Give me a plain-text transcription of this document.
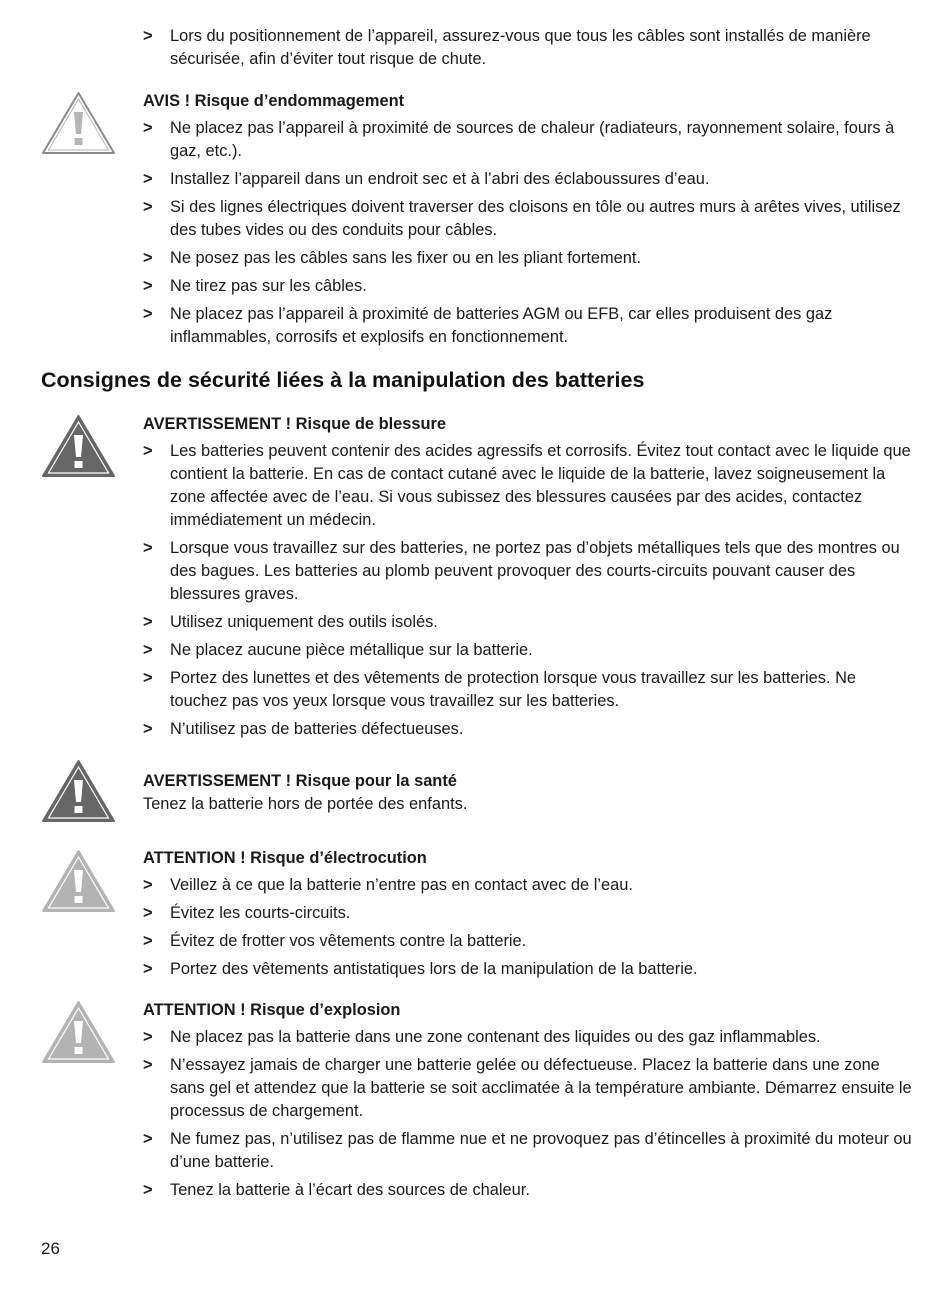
> Lors du positionnement de l’appareil, assurez-vous que tous les câbles sont installés de manière sécurisée, afin d’éviter tout risque de chute.
AVIS ! Risque d’endommagement
> Ne placez pas l’appareil à proximité de sources de chaleur (radiateurs, rayonnement solaire, fours à gaz, etc.).
> Installez l’appareil dans un endroit sec et à l’abri des éclaboussures d’eau.
> Si des lignes électriques doivent traverser des cloisons en tôle ou autres murs à arêtes vives, utilisez des tubes vides ou des conduits pour câbles.
> Ne posez pas les câbles sans les fixer ou en les pliant fortement.
> Ne tirez pas sur les câbles.
> Ne placez pas l’appareil à proximité de batteries AGM ou EFB, car elles produisent des gaz inflammables, corrosifs et explosifs en fonctionnement.
Consignes de sécurité liées à la manipulation des batteries
AVERTISSEMENT ! Risque de blessure
> Les batteries peuvent contenir des acides agressifs et corrosifs. Évitez tout contact avec le liquide que contient la batterie. En cas de contact cutané avec le liquide de la batterie, lavez soigneusement la zone affectée avec de l’eau. Si vous subissez des blessures causées par des acides, contactez immédiatement un médecin.
> Lorsque vous travaillez sur des batteries, ne portez pas d’objets métalliques tels que des montres ou des bagues. Les batteries au plomb peuvent provoquer des courts-circuits pouvant causer des blessures graves.
> Utilisez uniquement des outils isolés.
> Ne placez aucune pièce métallique sur la batterie.
> Portez des lunettes et des vêtements de protection lorsque vous travaillez sur les batteries. Ne touchez pas vos yeux lorsque vous travaillez sur les batteries.
> N’utilisez pas de batteries défectueuses.
AVERTISSEMENT ! Risque pour la santé

Tenez la batterie hors de portée des enfants.

ATTENTION ! Risque d’électrocution
> Veillez à ce que la batterie n’entre pas en contact avec de l’eau.
> Évitez les courts-circuits.
> Évitez de frotter vos vêtements contre la batterie.
> Portez des vêtements antistatiques lors de la manipulation de la batterie.
ATTENTION ! Risque d’explosion
> Ne placez pas la batterie dans une zone contenant des liquides ou des gaz inflammables.
> N’essayez jamais de charger une batterie gelée ou défectueuse. Placez la batterie dans une zone sans gel et attendez que la batterie se soit acclimatée à la température ambiante. Démarrez ensuite le processus de chargement.
> Ne fumez pas, n’utilisez pas de flamme nue et ne provoquez pas d’étincelles à proximité du moteur ou d’une batterie.
> Tenez la batterie à l’écart des sources de chaleur.
26
